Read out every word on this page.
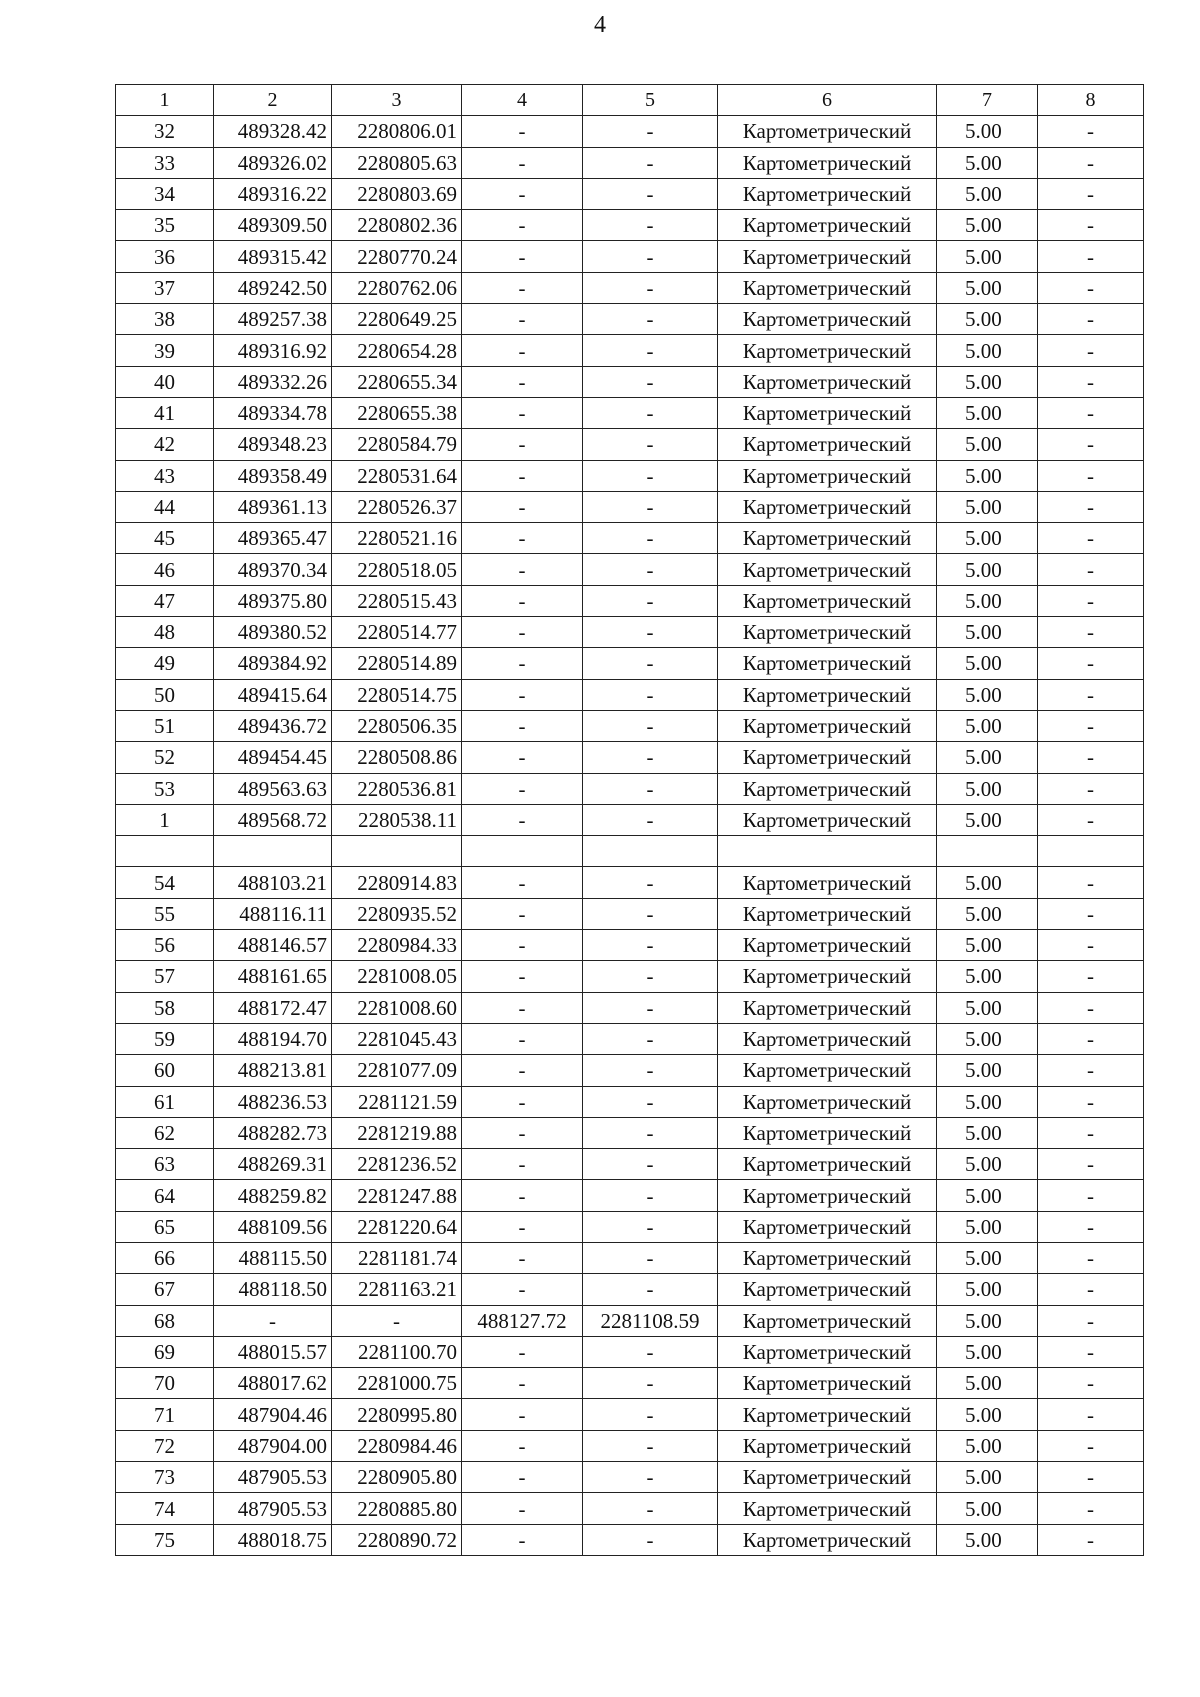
4
1	2	3	4	5	6	7	8
32	489328.42	2280806.01	-	-	Картометрический	5.00	-
33	489326.02	2280805.63	-	-	Картометрический	5.00	-
34	489316.22	2280803.69	-	-	Картометрический	5.00	-
35	489309.50	2280802.36	-	-	Картометрический	5.00	-
36	489315.42	2280770.24	-	-	Картометрический	5.00	-
37	489242.50	2280762.06	-	-	Картометрический	5.00	-
38	489257.38	2280649.25	-	-	Картометрический	5.00	-
39	489316.92	2280654.28	-	-	Картометрический	5.00	-
40	489332.26	2280655.34	-	-	Картометрический	5.00	-
41	489334.78	2280655.38	-	-	Картометрический	5.00	-
42	489348.23	2280584.79	-	-	Картометрический	5.00	-
43	489358.49	2280531.64	-	-	Картометрический	5.00	-
44	489361.13	2280526.37	-	-	Картометрический	5.00	-
45	489365.47	2280521.16	-	-	Картометрический	5.00	-
46	489370.34	2280518.05	-	-	Картометрический	5.00	-
47	489375.80	2280515.43	-	-	Картометрический	5.00	-
48	489380.52	2280514.77	-	-	Картометрический	5.00	-
49	489384.92	2280514.89	-	-	Картометрический	5.00	-
50	489415.64	2280514.75	-	-	Картометрический	5.00	-
51	489436.72	2280506.35	-	-	Картометрический	5.00	-
52	489454.45	2280508.86	-	-	Картометрический	5.00	-
53	489563.63	2280536.81	-	-	Картометрический	5.00	-
1	489568.72	2280538.11	-	-	Картометрический	5.00	-

54	488103.21	2280914.83	-	-	Картометрический	5.00	-
55	488116.11	2280935.52	-	-	Картометрический	5.00	-
56	488146.57	2280984.33	-	-	Картометрический	5.00	-
57	488161.65	2281008.05	-	-	Картометрический	5.00	-
58	488172.47	2281008.60	-	-	Картометрический	5.00	-
59	488194.70	2281045.43	-	-	Картометрический	5.00	-
60	488213.81	2281077.09	-	-	Картометрический	5.00	-
61	488236.53	2281121.59	-	-	Картометрический	5.00	-
62	488282.73	2281219.88	-	-	Картометрический	5.00	-
63	488269.31	2281236.52	-	-	Картометрический	5.00	-
64	488259.82	2281247.88	-	-	Картометрический	5.00	-
65	488109.56	2281220.64	-	-	Картометрический	5.00	-
66	488115.50	2281181.74	-	-	Картометрический	5.00	-
67	488118.50	2281163.21	-	-	Картометрический	5.00	-
68	-	-	488127.72	2281108.59	Картометрический	5.00	-
69	488015.57	2281100.70	-	-	Картометрический	5.00	-
70	488017.62	2281000.75	-	-	Картометрический	5.00	-
71	487904.46	2280995.80	-	-	Картометрический	5.00	-
72	487904.00	2280984.46	-	-	Картометрический	5.00	-
73	487905.53	2280905.80	-	-	Картометрический	5.00	-
74	487905.53	2280885.80	-	-	Картометрический	5.00	-
75	488018.75	2280890.72	-	-	Картометрический	5.00	-
